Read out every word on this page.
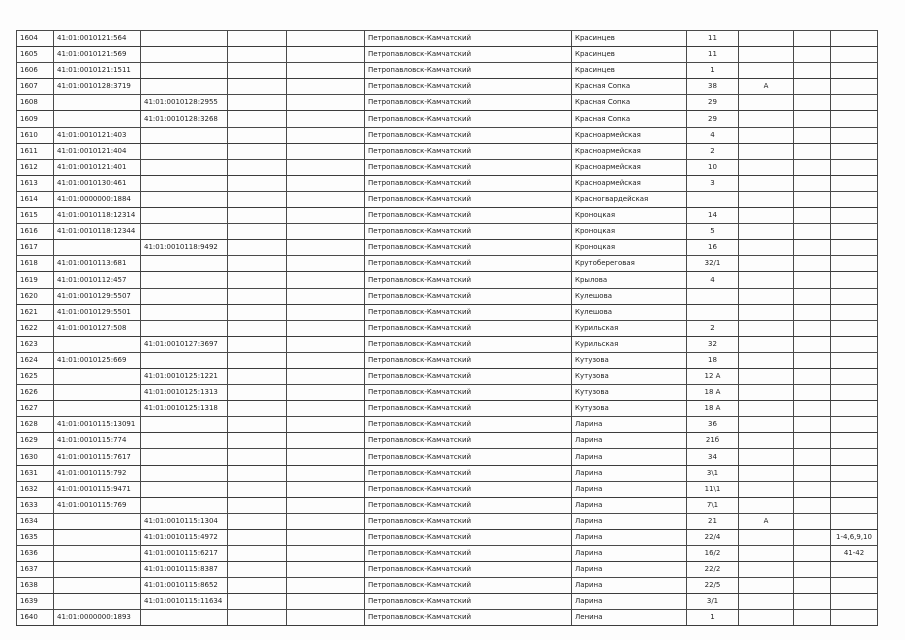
1604	41:01:0010121:564				Петропавловск-Камчатский	Красинцев	11			
1605	41:01:0010121:569				Петропавловск-Камчатский	Красинцев	11			
1606	41:01:0010121:1511				Петропавловск-Камчатский	Красинцев	1			
1607	41:01:0010128:3719				Петропавловск-Камчатский	Красная Сопка	38	А		
1608		41:01:0010128:2955			Петропавловск-Камчатский	Красная Сопка	29			
1609		41:01:0010128:3268			Петропавловск-Камчатский	Красная Сопка	29			
1610	41:01:0010121:403				Петропавловск-Камчатский	Красноармейская	4			
1611	41:01:0010121:404				Петропавловск-Камчатский	Красноармейская	2			
1612	41:01:0010121:401				Петропавловск-Камчатский	Красноармейская	10			
1613	41:01:0010130:461				Петропавловск-Камчатский	Красноармейская	3			
1614	41:01:0000000:1884				Петропавловск-Камчатский	Красногвардейская				
1615	41:01:0010118:12314				Петропавловск-Камчатский	Кроноцкая	14			
1616	41:01:0010118:12344				Петропавловск-Камчатский	Кроноцкая	5			
1617		41:01:0010118:9492			Петропавловск-Камчатский	Кроноцкая	16			
1618	41:01:0010113:681				Петропавловск-Камчатский	Крутобереговая	32/1			
1619	41:01:0010112:457				Петропавловск-Камчатский	Крылова	4			
1620	41:01:0010129:5507				Петропавловск-Камчатский	Кулешова				
1621	41:01:0010129:5501				Петропавловск-Камчатский	Кулешова				
1622	41:01:0010127:508				Петропавловск-Камчатский	Курильская	2			
1623		41:01:0010127:3697			Петропавловск-Камчатский	Курильская	32			
1624	41:01:0010125:669				Петропавловск-Камчатский	Кутузова	18			
1625		41:01:0010125:1221			Петропавловск-Камчатский	Кутузова	12 А			
1626		41:01:0010125:1313			Петропавловск-Камчатский	Кутузова	18 А			
1627		41:01:0010125:1318			Петропавловск-Камчатский	Кутузова	18 А			
1628	41:01:0010115:13091				Петропавловск-Камчатский	Ларина	36			
1629	41:01:0010115:774				Петропавловск-Камчатский	Ларина	21б			
1630	41:01:0010115:7617				Петропавловск-Камчатский	Ларина	34			
1631	41:01:0010115:792				Петропавловск-Камчатский	Ларина	3\1			
1632	41:01:0010115:9471				Петропавловск-Камчатский	Ларина	11\1			
1633	41:01:0010115:769				Петропавловск-Камчатский	Ларина	7\1			
1634		41:01:0010115:1304			Петропавловск-Камчатский	Ларина	21	А		
1635		41:01:0010115:4972			Петропавловск-Камчатский	Ларина	22/4			1-4,6,9,10
1636		41:01:0010115:6217			Петропавловск-Камчатский	Ларина	16/2			41-42
1637		41:01:0010115:8387			Петропавловск-Камчатский	Ларина	22/2			
1638		41:01:0010115:8652			Петропавловск-Камчатский	Ларина	22/5			
1639		41:01:0010115:11634			Петропавловск-Камчатский	Ларина	3/1			
1640	41:01:0000000:1893				Петропавловск-Камчатский	Ленина	1			
